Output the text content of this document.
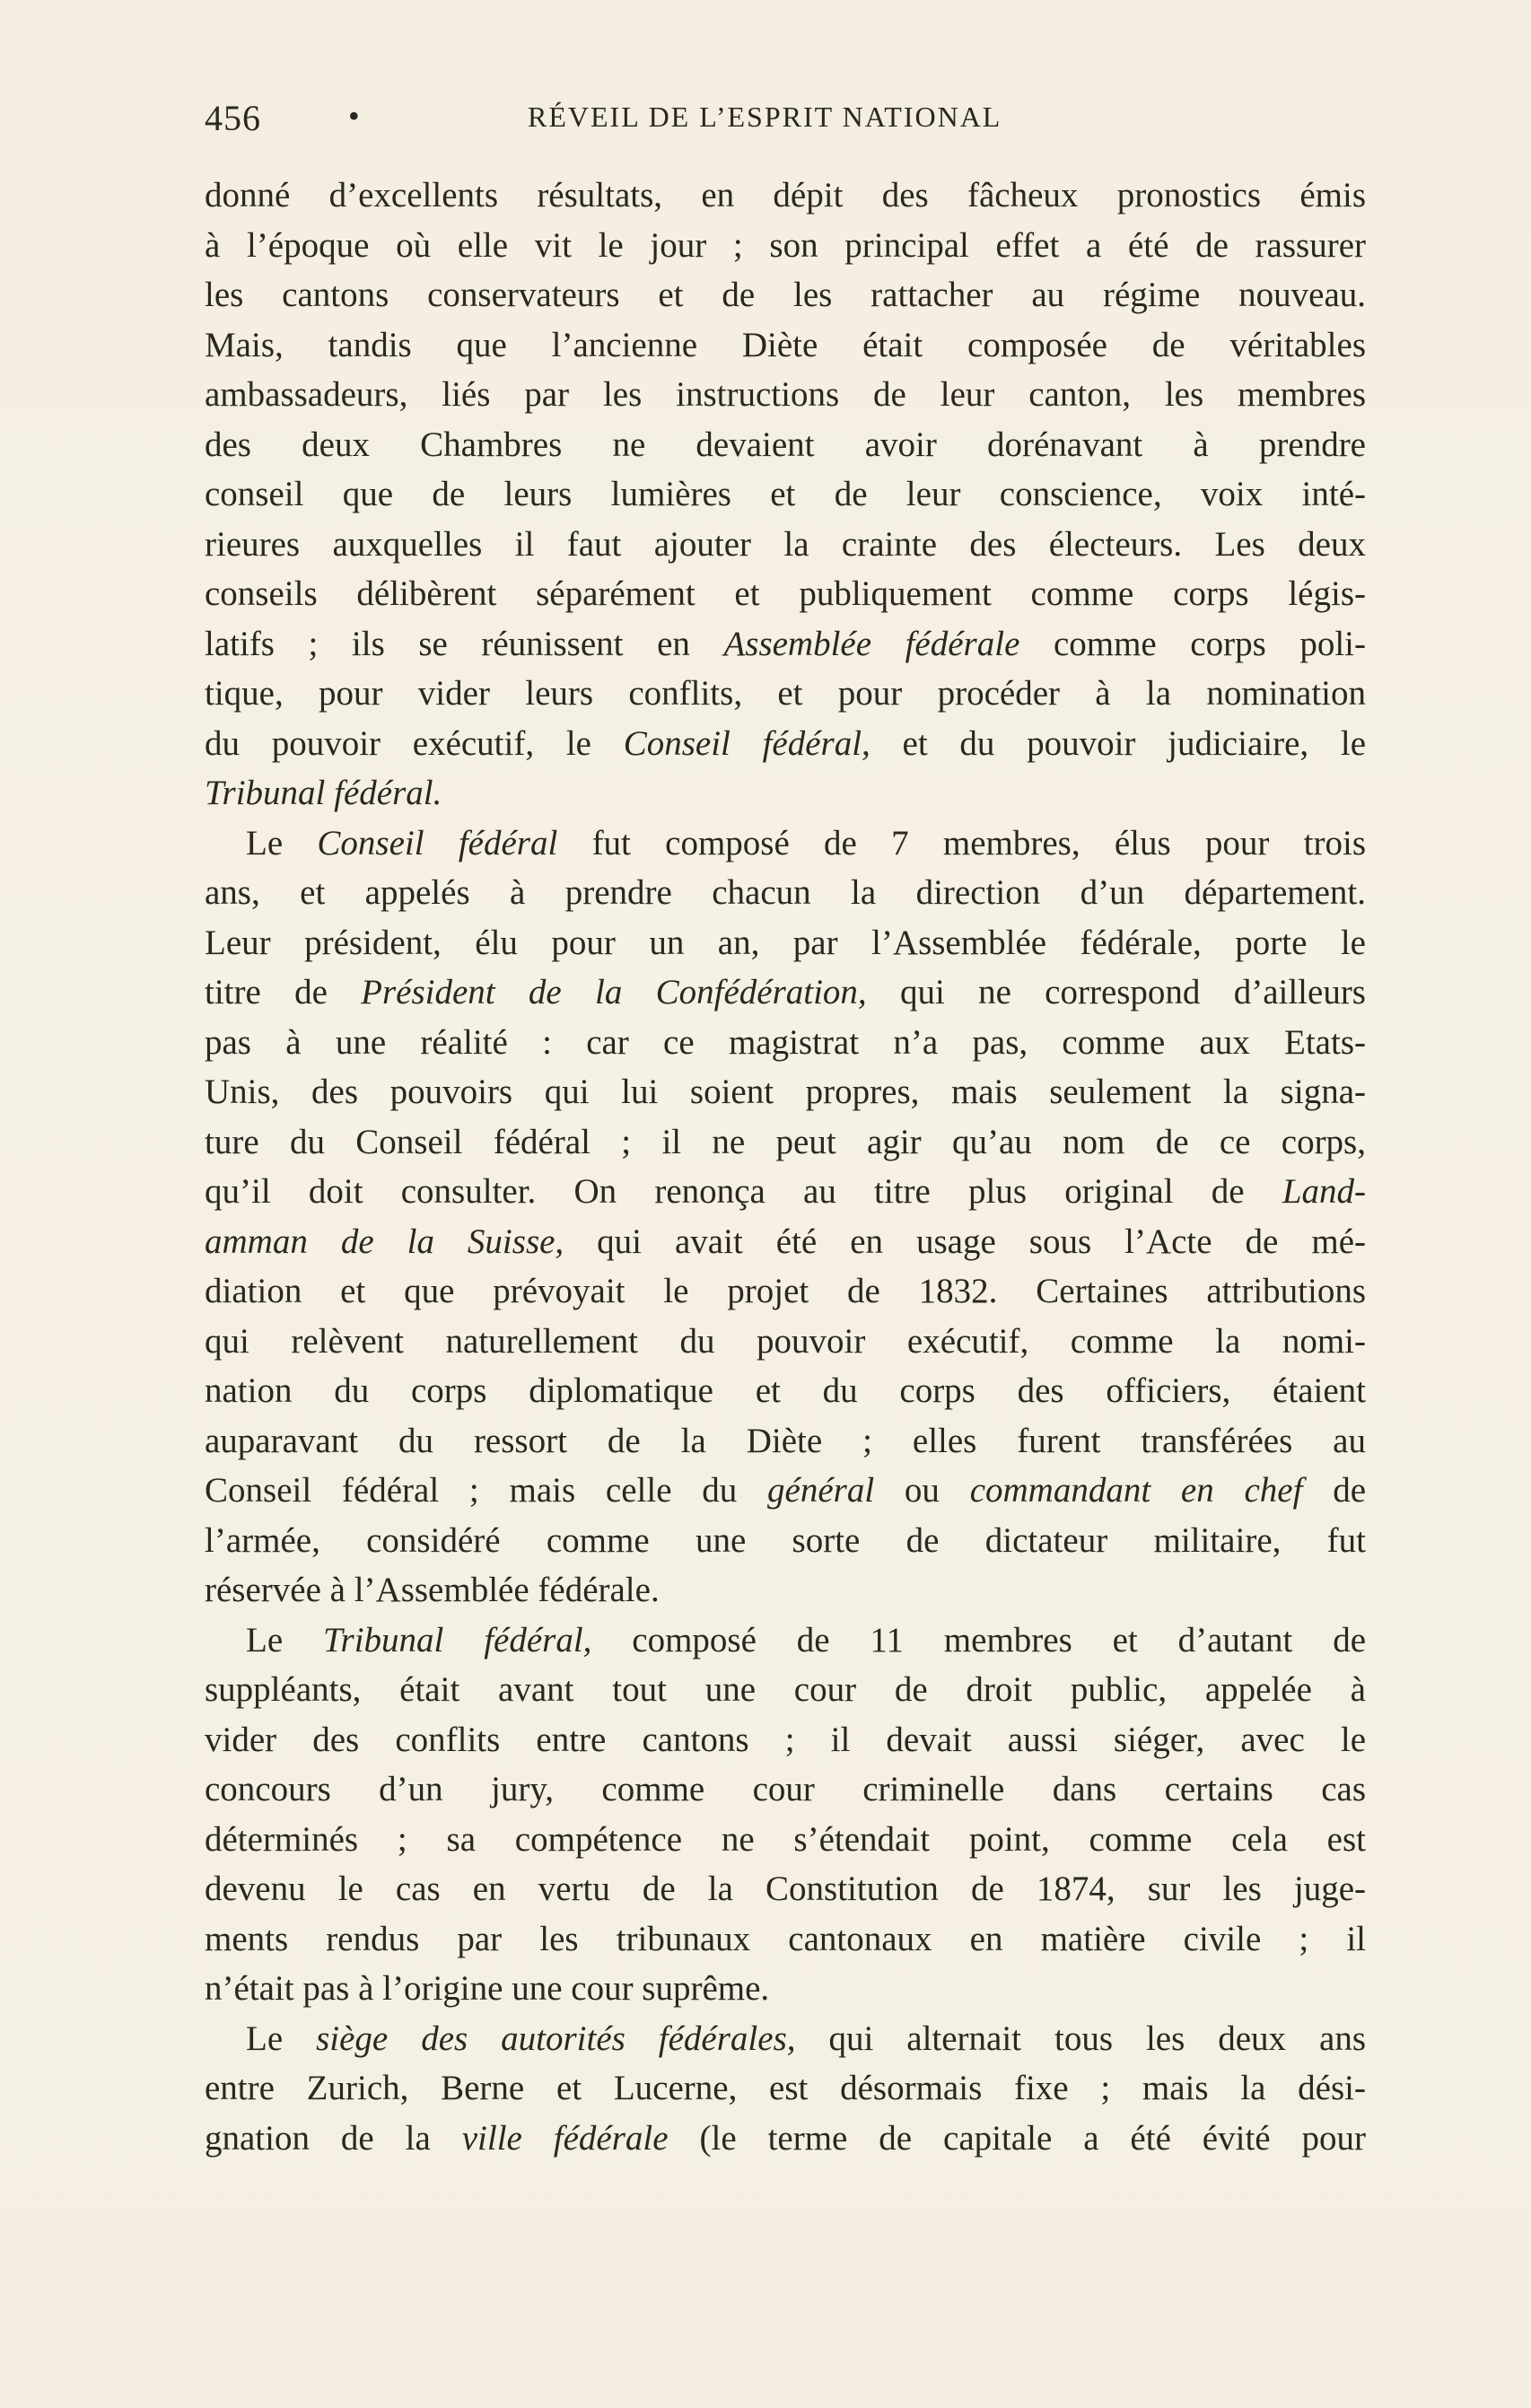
456	•	RÉVEIL DE L’ESPRIT NATIONAL
donné d’excellents résultats, en dépit des fâcheux pronostics émis
à l’époque où elle vit le jour ; son principal effet a été de rassurer
les cantons conservateurs et de les rattacher au régime nouveau.
Mais, tandis que l’ancienne Diète était composée de véritables
ambassadeurs, liés par les instructions de leur canton, les membres
des deux Chambres ne devaient avoir dorénavant à prendre
conseil que de leurs lumières et de leur conscience, voix inté-
rieures auxquelles il faut ajouter la crainte des électeurs. Les deux
conseils délibèrent séparément et publiquement comme corps légis-
latifs ; ils se réunissent en Assemblée fédérale comme corps poli-
tique, pour vider leurs conflits, et pour procéder à la nomination
du pouvoir exécutif, le Conseil fédéral, et du pouvoir judiciaire, le
Tribunal fédéral.
Le Conseil fédéral fut composé de 7 membres, élus pour trois
ans, et appelés à prendre chacun la direction d’un département.
Leur président, élu pour un an, par l’Assemblée fédérale, porte le
titre de Président de la Confédération, qui ne correspond d’ailleurs
pas à une réalité : car ce magistrat n’a pas, comme aux Etats-
Unis, des pouvoirs qui lui soient propres, mais seulement la signa-
ture du Conseil fédéral ; il ne peut agir qu’au nom de ce corps,
qu’il doit consulter. On renonça au titre plus original de Land-
amman de la Suisse, qui avait été en usage sous l’Acte de mé-
diation et que prévoyait le projet de 1832. Certaines attributions
qui relèvent naturellement du pouvoir exécutif, comme la nomi-
nation du corps diplomatique et du corps des officiers, étaient
auparavant du ressort de la Diète ; elles furent transférées au
Conseil fédéral ; mais celle du général ou commandant en chef de
l’armée, considéré comme une sorte de dictateur militaire, fut
réservée à l’Assemblée fédérale.
Le Tribunal fédéral, composé de 11 membres et d’autant de
suppléants, était avant tout une cour de droit public, appelée à
vider des conflits entre cantons ; il devait aussi siéger, avec le
concours d’un jury, comme cour criminelle dans certains cas
déterminés ; sa compétence ne s’étendait point, comme cela est
devenu le cas en vertu de la Constitution de 1874, sur les juge-
ments rendus par les tribunaux cantonaux en matière civile ; il
n’était pas à l’origine une cour suprême.
Le siège des autorités fédérales, qui alternait tous les deux ans
entre Zurich, Berne et Lucerne, est désormais fixe ; mais la dési-
gnation de la ville fédérale (le terme de capitale a été évité pour
